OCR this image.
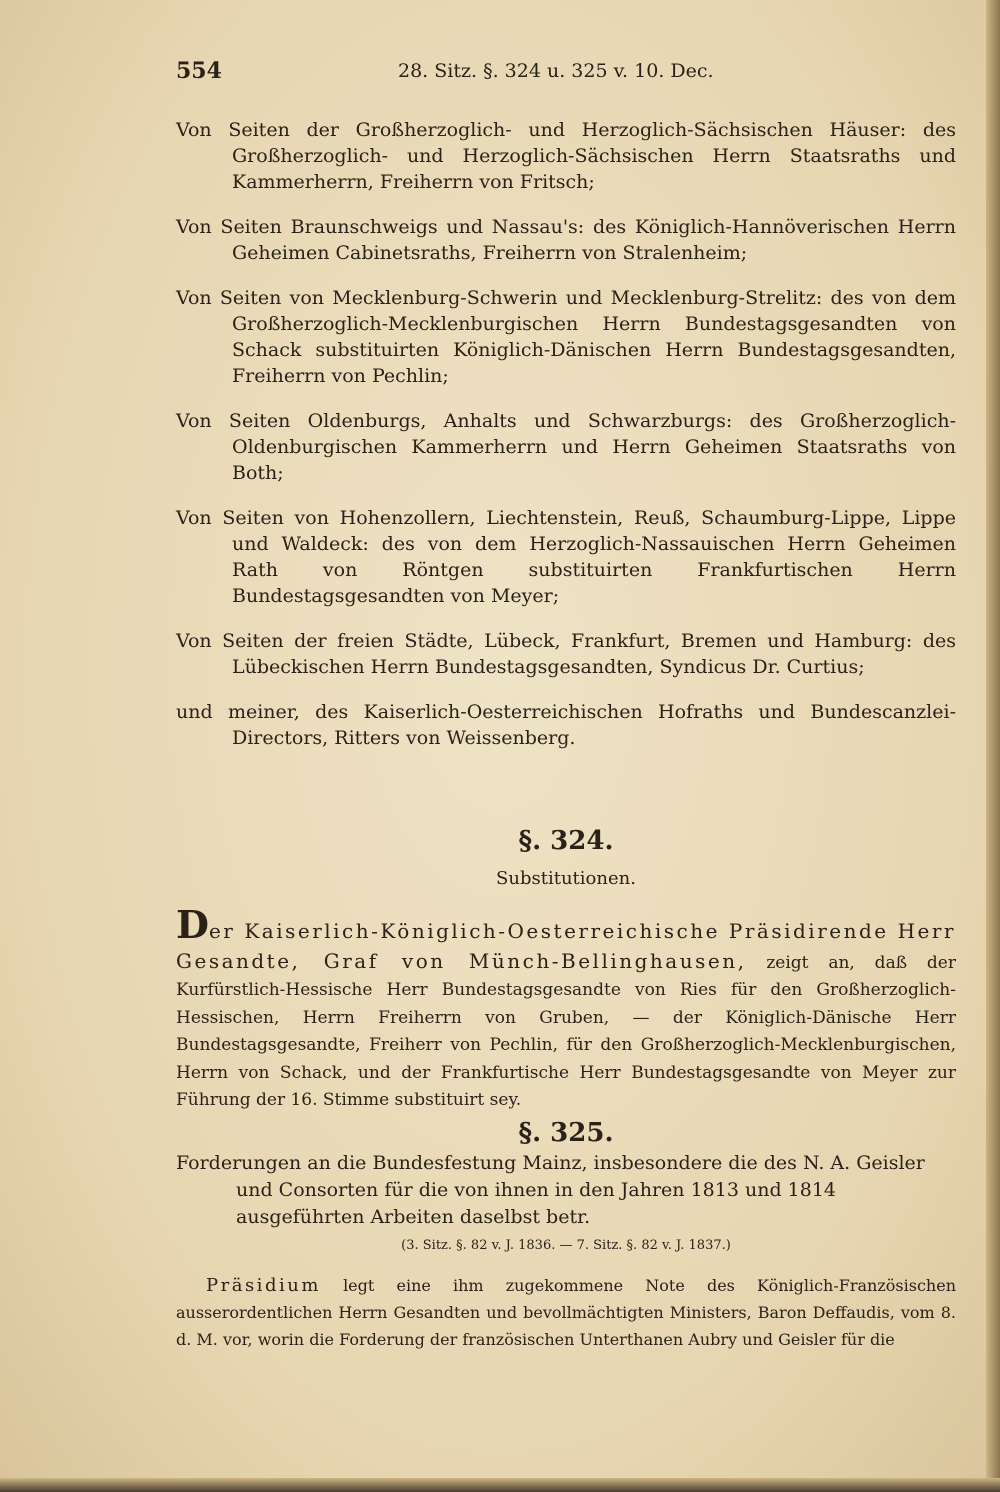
554	28. Sitz. §. 324 u. 325 v. 10. Dec.

Von Seiten der Großherzoglich- und Herzoglich-Sächsischen Häuser: des Großherzoglich- und Herzoglich-Sächsischen Herrn Staatsraths und Kammerherrn, Freiherrn von Fritsch;

Von Seiten Braunschweigs und Nassau's: des Königlich-Hannöverischen Herrn Geheimen Cabinetsraths, Freiherrn von Stralenheim;

Von Seiten von Mecklenburg-Schwerin und Mecklenburg-Strelitz: des von dem Großherzoglich-Mecklenburgischen Herrn Bundestagsgesandten von Schack substituirten Königlich-Dänischen Herrn Bundestagsgesandten, Freiherrn von Pechlin;

Von Seiten Oldenburgs, Anhalts und Schwarzburgs: des Großherzoglich-Oldenburgischen Kammerherrn und Herrn Geheimen Staatsraths von Both;

Von Seiten von Hohenzollern, Liechtenstein, Reuß, Schaumburg-Lippe, Lippe und Waldeck: des von dem Herzoglich-Nassauischen Herrn Geheimen Rath von Röntgen substituirten Frankfurtischen Herrn Bundestagsgesandten von Meyer;

Von Seiten der freien Städte, Lübeck, Frankfurt, Bremen und Hamburg: des Lübeckischen Herrn Bundestagsgesandten, Syndicus Dr. Curtius;

und meiner, des Kaiserlich-Oesterreichischen Hofraths und Bundescanzlei-Directors, Ritters von Weissenberg.

§. 324.
Substitutionen.

Der Kaiserlich-Königlich-Oesterreichische Präsidirende Herr Gesandte, Graf von Münch-Bellinghausen, zeigt an, daß der Kurfürstlich-Hessische Herr Bundestagsgesandte von Ries für den Großherzoglich-Hessischen, Herrn Freiherrn von Gruben, — der Königlich-Dänische Herr Bundestagsgesandte, Freiherr von Pechlin, für den Großherzoglich-Mecklenburgischen, Herrn von Schack, und der Frankfurtische Herr Bundestagsgesandte von Meyer zur Führung der 16. Stimme substituirt sey.

§. 325.
Forderungen an die Bundesfestung Mainz, insbesondere die des N. A. Geisler und Consorten für die von ihnen in den Jahren 1813 und 1814 ausgeführten Arbeiten daselbst betr.
(3. Sitz. §. 82 v. J. 1836. — 7. Sitz. §. 82 v. J. 1837.)

Präsidium legt eine ihm zugekommene Note des Königlich-Französischen ausserordentlichen Herrn Gesandten und bevollmächtigten Ministers, Baron Deffaudis, vom 8. d. M. vor, worin die Forderung der französischen Unterthanen Aubry und Geisler für die
